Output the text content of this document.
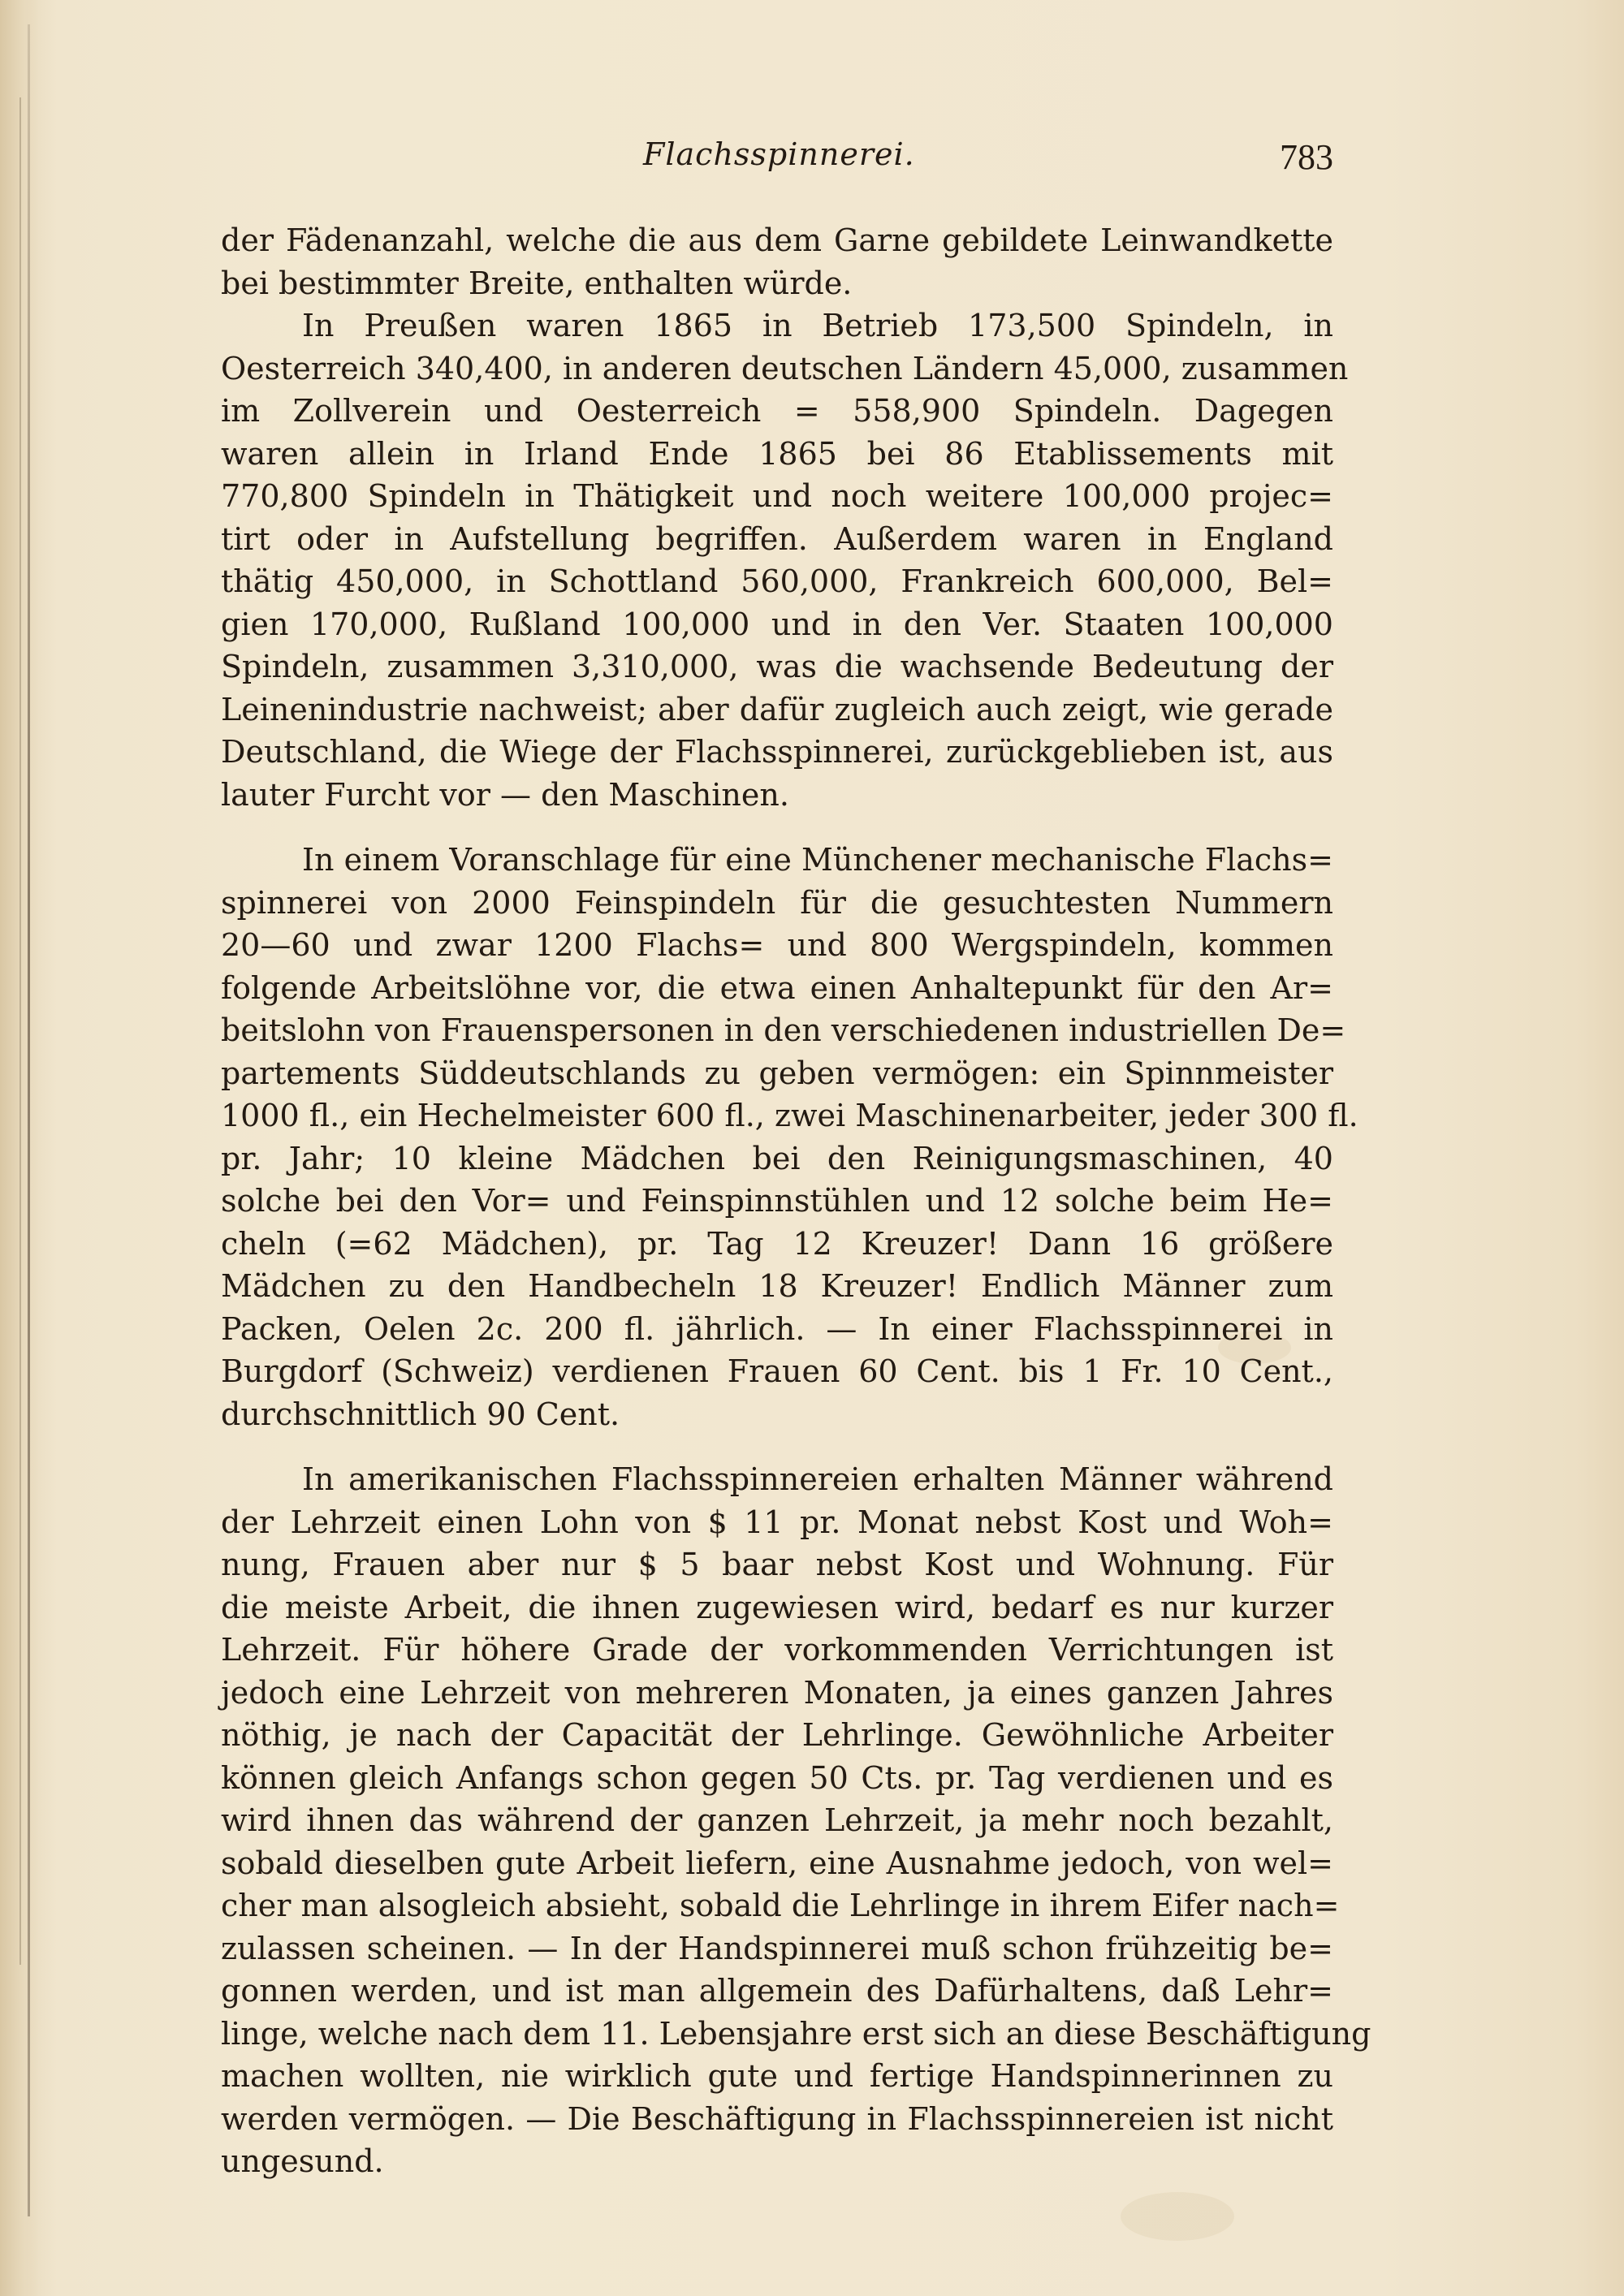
Flachsspinnerei.	783

der Fädenanzahl, welche die aus dem Garne gebildete Leinwandkette
bei bestimmter Breite, enthalten würde.

In Preußen waren 1865 in Betrieb 173,500 Spindeln, in
Oesterreich 340,400, in anderen deutschen Ländern 45,000, zusammen
im Zollverein und Oesterreich = 558,900 Spindeln. Dagegen
waren allein in Irland Ende 1865 bei 86 Etablissements mit
770,800 Spindeln in Thätigkeit und noch weitere 100,000 projec=
tirt oder in Aufstellung begriffen. Außerdem waren in England
thätig 450,000, in Schottland 560,000, Frankreich 600,000, Bel=
gien 170,000, Rußland 100,000 und in den Ver. Staaten 100,000
Spindeln, zusammen 3,310,000, was die wachsende Bedeutung der
Leinenindustrie nachweist; aber dafür zugleich auch zeigt, wie gerade
Deutschland, die Wiege der Flachsspinnerei, zurückgeblieben ist, aus
lauter Furcht vor — den Maschinen.

In einem Voranschlage für eine Münchener mechanische Flachs=
spinnerei von 2000 Feinspindeln für die gesuchtesten Nummern
20—60 und zwar 1200 Flachs= und 800 Wergspindeln, kommen
folgende Arbeitslöhne vor, die etwa einen Anhaltepunkt für den Ar=
beitslohn von Frauenspersonen in den verschiedenen industriellen De=
partements Süddeutschlands zu geben vermögen: ein Spinnmeister
1000 fl., ein Hechelmeister 600 fl., zwei Maschinenarbeiter, jeder 300 fl.
pr. Jahr; 10 kleine Mädchen bei den Reinigungsmaschinen, 40
solche bei den Vor= und Feinspinnstühlen und 12 solche beim He=
cheln (=62 Mädchen), pr. Tag 12 Kreuzer! Dann 16 größere
Mädchen zu den Handbecheln 18 Kreuzer! Endlich Männer zum
Packen, Oelen 2c. 200 fl. jährlich. — In einer Flachsspinnerei in
Burgdorf (Schweiz) verdienen Frauen 60 Cent. bis 1 Fr. 10 Cent.,
durchschnittlich 90 Cent.

In amerikanischen Flachsspinnereien erhalten Männer während
der Lehrzeit einen Lohn von $ 11 pr. Monat nebst Kost und Woh=
nung, Frauen aber nur $ 5 baar nebst Kost und Wohnung. Für
die meiste Arbeit, die ihnen zugewiesen wird, bedarf es nur kurzer
Lehrzeit. Für höhere Grade der vorkommenden Verrichtungen ist
jedoch eine Lehrzeit von mehreren Monaten, ja eines ganzen Jahres
nöthig, je nach der Capacität der Lehrlinge. Gewöhnliche Arbeiter
können gleich Anfangs schon gegen 50 Cts. pr. Tag verdienen und es
wird ihnen das während der ganzen Lehrzeit, ja mehr noch bezahlt,
sobald dieselben gute Arbeit liefern, eine Ausnahme jedoch, von wel=
cher man alsogleich absieht, sobald die Lehrlinge in ihrem Eifer nach=
zulassen scheinen. — In der Handspinnerei muß schon frühzeitig be=
gonnen werden, und ist man allgemein des Dafürhaltens, daß Lehr=
linge, welche nach dem 11. Lebensjahre erst sich an diese Beschäftigung
machen wollten, nie wirklich gute und fertige Handspinnerinnen zu
werden vermögen. — Die Beschäftigung in Flachsspinnereien ist nicht
ungesund.
